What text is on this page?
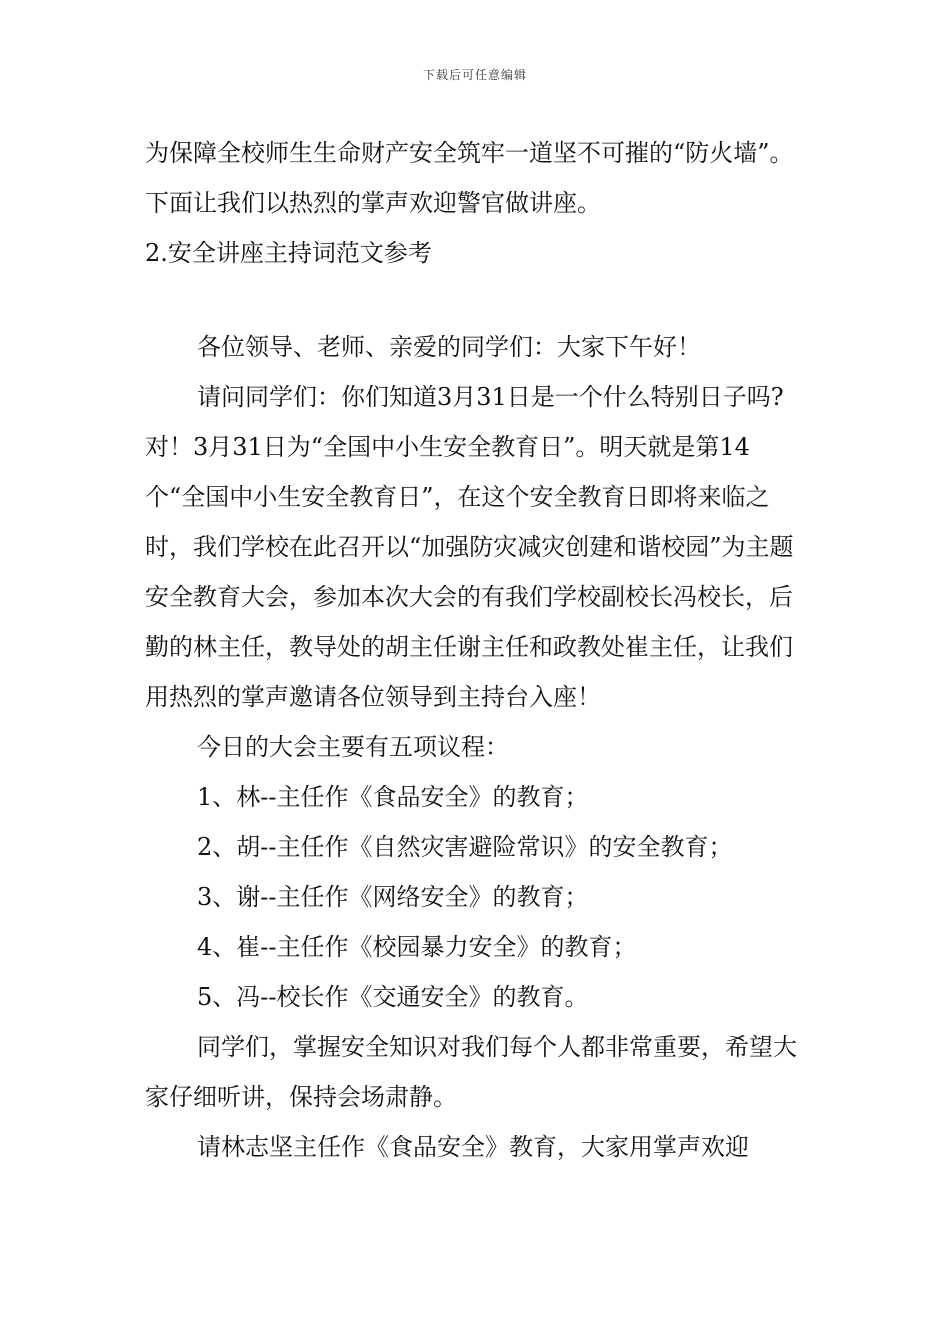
下载后可任意编辑

为保障全校师生生命财产安全筑牢一道坚不可摧的“防火墙”。下面让我们以热烈的掌声欢迎警官做讲座。

2.安全讲座主持词范文参考

各位领导、老师、亲爱的同学们：大家下午好！

请问同学们：你们知道3月31日是一个什么特别日子吗?对！3月31日为“全国中小生安全教育日”。明天就是第14个“全国中小生安全教育日”，在这个安全教育日即将来临之时，我们学校在此召开以“加强防灾减灾创建和谐校园”为主题安全教育大会，参加本次大会的有我们学校副校长冯校长，后勤的林主任，教导处的胡主任谢主任和政教处崔主任，让我们用热烈的掌声邀请各位领导到主持台入座！

今日的大会主要有五项议程：

1、林--主任作《食品安全》的教育；

2、胡--主任作《自然灾害避险常识》的安全教育；

3、谢--主任作《网络安全》的教育；

4、崔--主任作《校园暴力安全》的教育；

5、冯--校长作《交通安全》的教育。

同学们，掌握安全知识对我们每个人都非常重要，希望大家仔细听讲，保持会场肃静。

请林志坚主任作《食品安全》教育，大家用掌声欢迎
